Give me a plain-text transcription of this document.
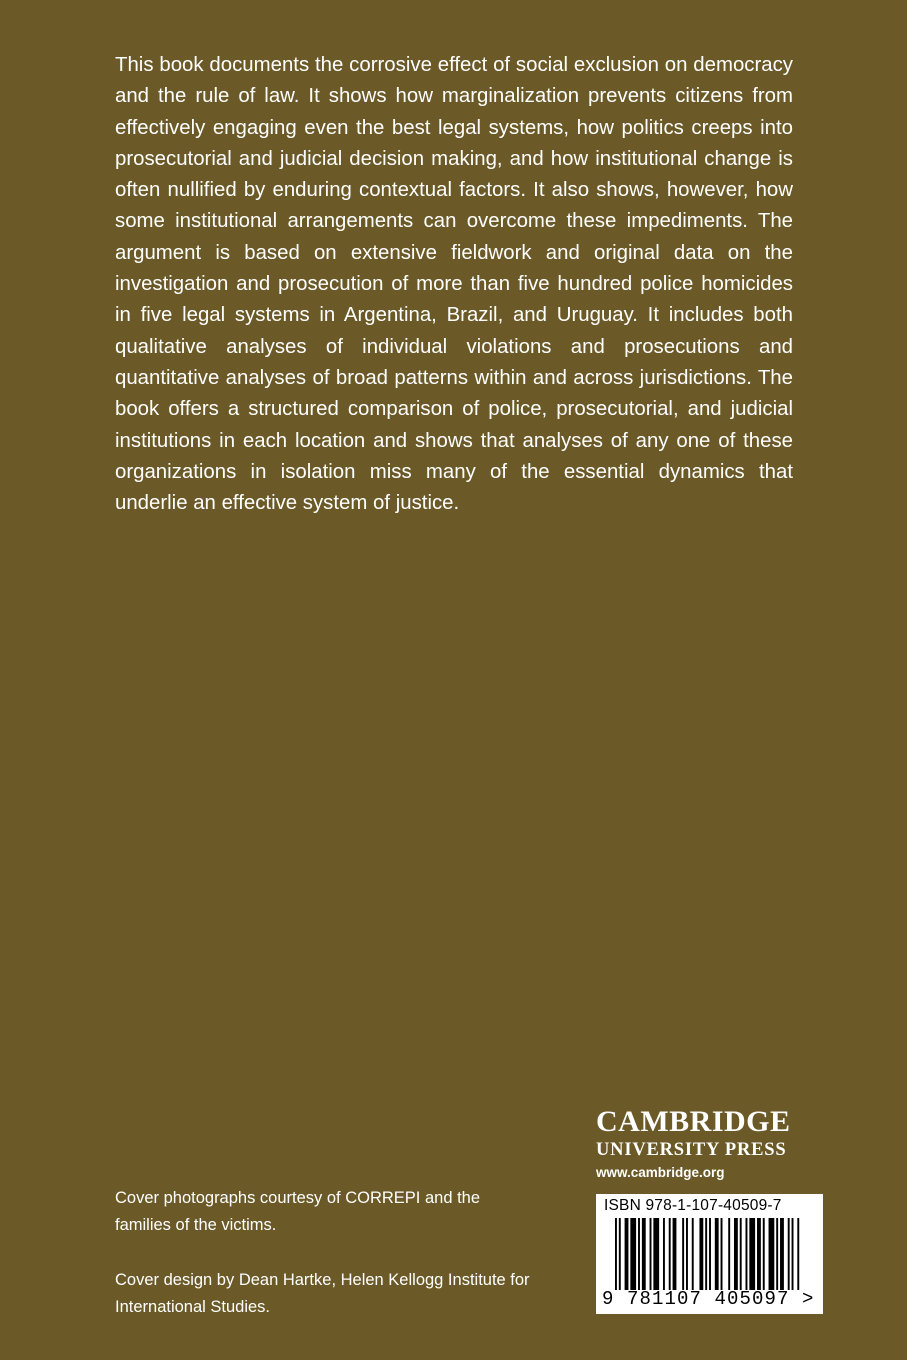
This book documents the corrosive effect of social exclusion on democracy and the rule of law. It shows how marginalization prevents citizens from effectively engaging even the best legal systems, how politics creeps into prosecutorial and judicial decision making, and how institutional change is often nullified by enduring contextual factors. It also shows, however, how some institutional arrangements can overcome these impediments. The argument is based on extensive fieldwork and original data on the investigation and prosecution of more than five hundred police homicides in five legal systems in Argentina, Brazil, and Uruguay. It includes both qualitative analyses of individual violations and prosecutions and quantitative analyses of broad patterns within and across jurisdictions. The book offers a structured comparison of police, prosecutorial, and judicial institutions in each location and shows that analyses of any one of these organizations in isolation miss many of the essential dynamics that underlie an effective system of justice.

Cover photographs courtesy of CORREPI and the families of the victims.

Cover design by Dean Hartke, Helen Kellogg Institute for International Studies.

CAMBRIDGE
UNIVERSITY PRESS
www.cambridge.org
ISBN 978-1-107-40509-7
9 781107 405097 >
